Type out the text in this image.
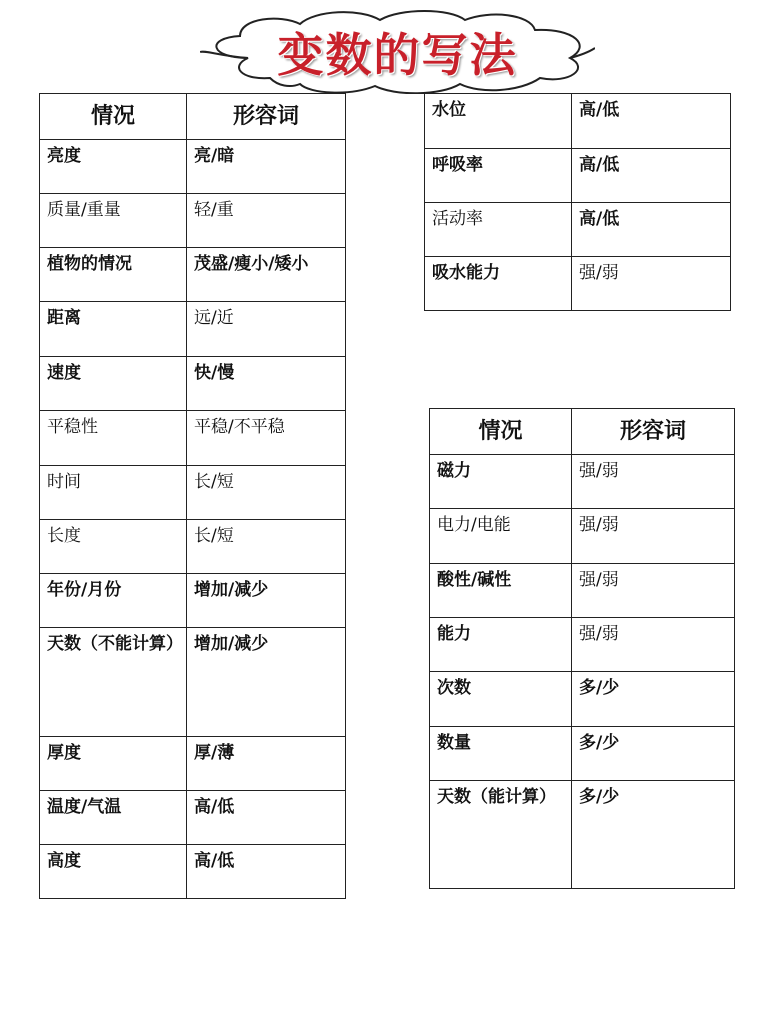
变数的写法
情况	形容词
亮度	亮/暗
质量/重量	轻/重
植物的情况	茂盛/瘦小/矮小
距离	远/近
速度	快/慢
平稳性	平稳/不平稳
时间	长/短
长度	长/短
年份/月份	增加/减少

天数（不能计算）	增加/减少
厚度	厚/薄
温度/气温	高/低
高度	高/低
水位	高/低
呼吸率	高/低
活动率	高/低
吸水能力	强/弱
情况	形容词
磁力	强/弱
电力/电能	强/弱
酸性/碱性	强/弱
能力	强/弱
次数	多/少
数量	多/少

天数（能计算）	多/少
